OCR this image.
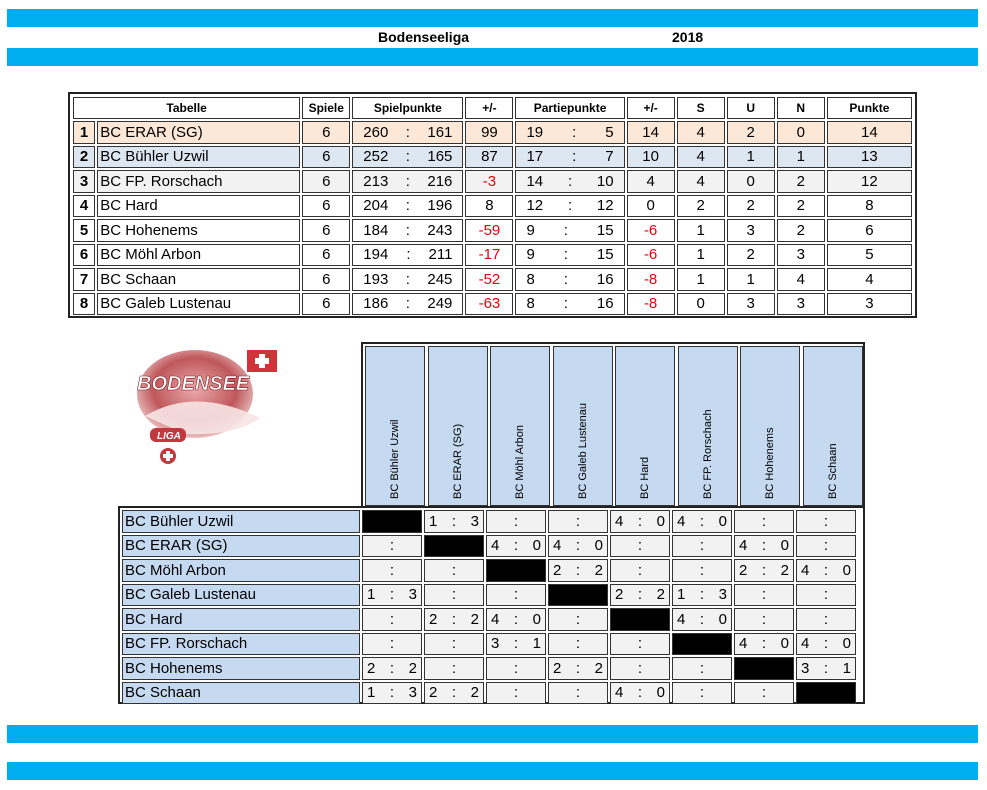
Bodenseeliga	2018
Tabelle		Spiele	Spielpunkte	+/-	Partiepunkte	+/-	S	U	N	Punkte
1	BC ERAR (SG)	6	260 : 161	99	19 : 5	14	4	2	0	14
2	BC Bühler Uzwil	6	252 : 165	87	17 : 7	10	4	1	1	13
3	BC FP. Rorschach	6	213 : 216	-3	14 : 10	4	4	0	2	12
4	BC Hard	6	204 : 196	8	12 : 12	0	2	2	2	8
5	BC Hohenems	6	184 : 243	-59	9 : 15	-6	1	3	2	6
6	BC Möhl Arbon	6	194 : 211	-17	9 : 15	-6	1	2	3	5
7	BC Schaan	6	193 : 245	-52	8 : 16	-8	1	1	4	4
8	BC Galeb Lustenau	6	186 : 249	-63	8 : 16	-8	0	3	3	3
BODENSEE
LIGA	BC Bühler Uzwil	BC ERAR (SG)	BC Möhl Arbon	BC Galeb Lustenau	BC Hard	BC FP. Rorschach	BC Hohenems	BC Schaan
BC Bühler Uzwil		1 : 3	:	:	4 : 0	4 : 0	:	:

BC ERAR (SG)	:		4 : 0	4 : 0	:	:	4 : 0	:

BC Möhl Arbon	:	:		2 : 2	:	:	2 : 2	4 : 0

BC Galeb Lustenau	1 : 3	:	:		2 : 2	1 : 3	:	:

BC Hard	:	2 : 2	4 : 0	:		4 : 0	:	:

BC FP. Rorschach	:	:	3 : 1	:	:		4 : 0	4 : 0

BC Hohenems	2 : 2	:	:	2 : 2	:	:		3 : 1

BC Schaan	1 : 3	2 : 2	:	:	4 : 0	:	:	
